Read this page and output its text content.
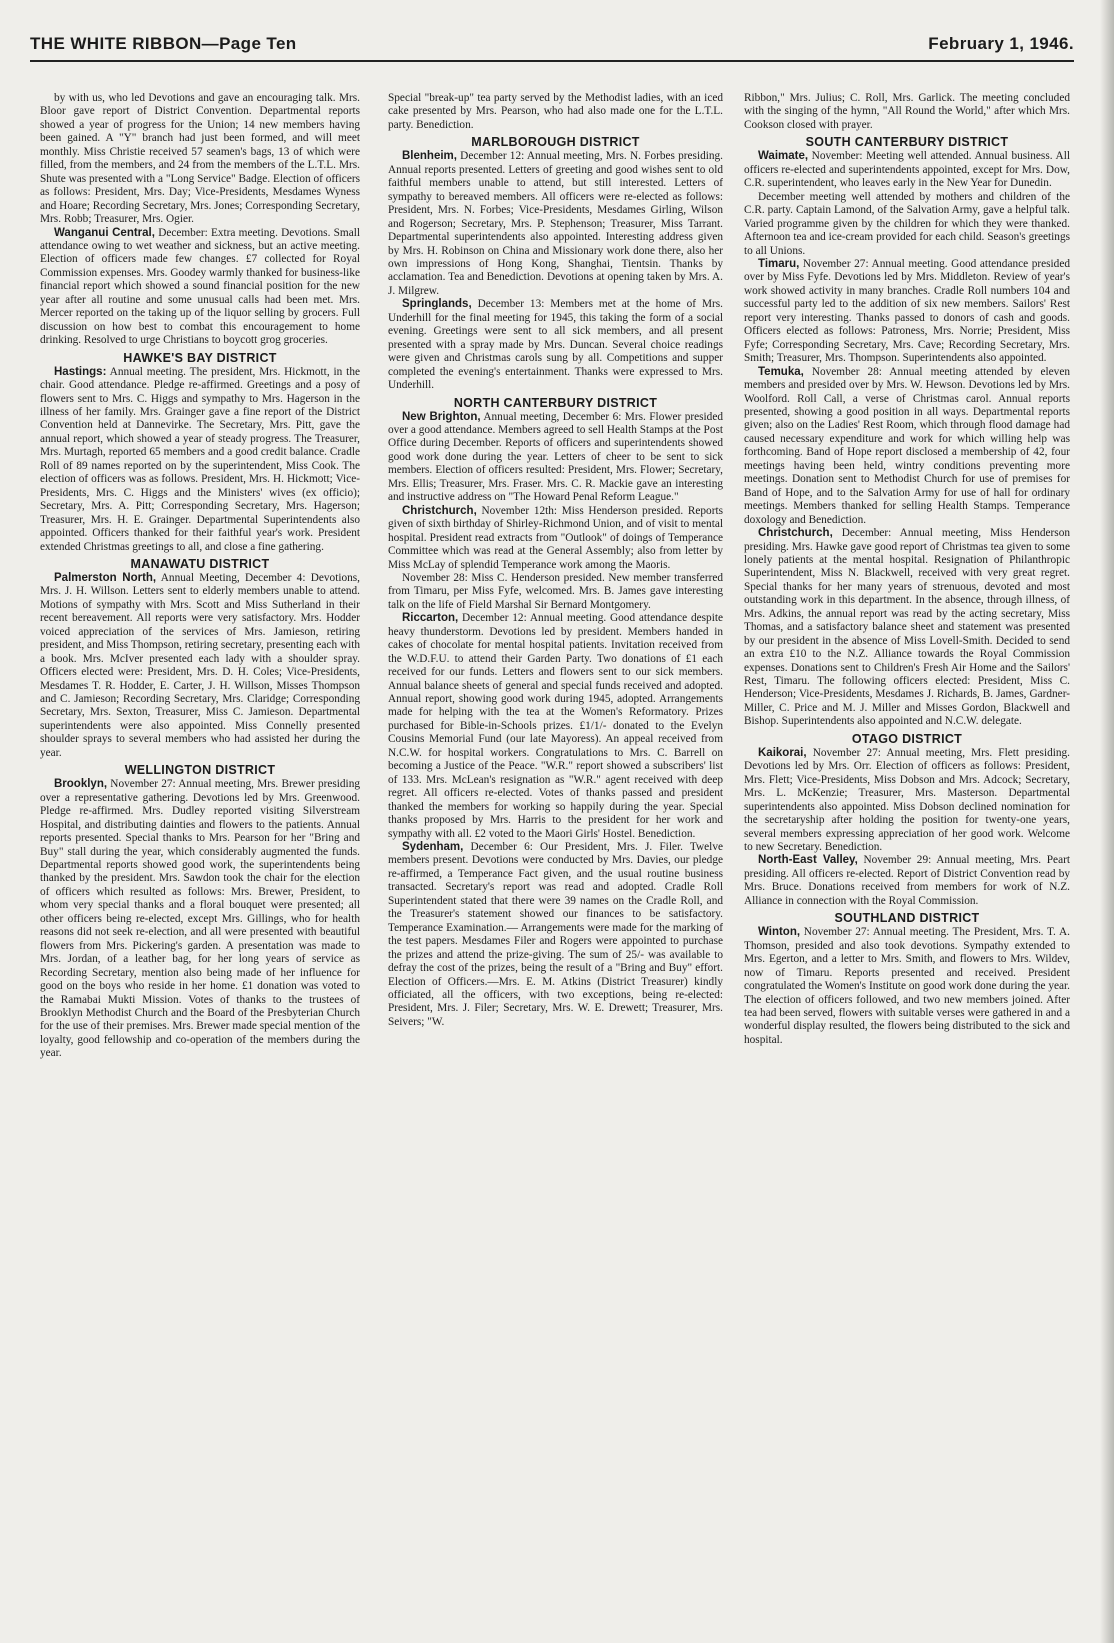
THE WHITE RIBBON—Page Ten	February 1, 1946.

by with us, who led Devotions and gave an encouraging talk. Mrs. Bloor gave report of District Convention. Departmental reports showed a year of progress for the Union; 14 new members having been gained. A "Y" branch had just been formed, and will meet monthly. Miss Christie received 57 seamen's bags, 13 of which were filled, from the members, and 24 from the members of the L.T.L. Mrs. Shute was presented with a "Long Service" Badge. Election of officers as follows: President, Mrs. Day; Vice-Presidents, Mesdames Wyness and Hoare; Recording Secretary, Mrs. Jones; Corresponding Secretary, Mrs. Robb; Treasurer, Mrs. Ogier.

Wanganui Central, December: Extra meeting. Devotions. Small attendance owing to wet weather and sickness, but an active meeting. Election of officers made few changes. £7 collected for Royal Commission expenses. Mrs. Goodey warmly thanked for business-like financial report which showed a sound financial position for the new year after all routine and some unusual calls had been met. Mrs. Mercer reported on the taking up of the liquor selling by grocers. Full discussion on how best to combat this encouragement to home drinking. Resolved to urge Christians to boycott grog groceries.

HAWKE'S BAY DISTRICT

Hastings: Annual meeting. The president, Mrs. Hickmott, in the chair. Good attendance. Pledge re-affirmed. Greetings and a posy of flowers sent to Mrs. C. Higgs and sympathy to Mrs. Hagerson in the illness of her family. Mrs. Grainger gave a fine report of the District Convention held at Dannevirke. The Secretary, Mrs. Pitt, gave the annual report, which showed a year of steady progress. The Treasurer, Mrs. Murtagh, reported 65 members and a good credit balance. Cradle Roll of 89 names reported on by the superintendent, Miss Cook. The election of officers was as follows. President, Mrs. H. Hickmott; Vice-Presidents, Mrs. C. Higgs and the Ministers' wives (ex officio); Secretary, Mrs. A. Pitt; Corresponding Secretary, Mrs. Hagerson; Treasurer, Mrs. H. E. Grainger. Departmental Superintendents also appointed. Officers thanked for their faithful year's work. President extended Christmas greetings to all, and close a fine gathering.

MANAWATU DISTRICT

Palmerston North, Annual Meeting, December 4: Devotions, Mrs. J. H. Willson. Letters sent to elderly members unable to attend. Motions of sympathy with Mrs. Scott and Miss Sutherland in their recent bereavement. All reports were very satisfactory. Mrs. Hodder voiced appreciation of the services of Mrs. Jamieson, retiring president, and Miss Thompson, retiring secretary, presenting each with a book. Mrs. McIver presented each lady with a shoulder spray. Officers elected were: President, Mrs. D. H. Coles; Vice-Presidents, Mesdames T. R. Hodder, E. Carter, J. H. Willson, Misses Thompson and C. Jamieson; Recording Secretary, Mrs. Claridge; Corresponding Secretary, Mrs. Sexton, Treasurer, Miss C. Jamieson. Departmental superintendents were also appointed. Miss Connelly presented shoulder sprays to several members who had assisted her during the year.

WELLINGTON DISTRICT

Brooklyn, November 27: Annual meeting, Mrs. Brewer presiding over a representative gathering. Devotions led by Mrs. Greenwood. Pledge re-affirmed. Mrs. Dudley reported visiting Silverstream Hospital, and distributing dainties and flowers to the patients. Annual reports presented. Special thanks to Mrs. Pearson for her "Bring and Buy" stall during the year, which considerably augmented the funds. Departmental reports showed good work, the superintendents being thanked by the president. Mrs. Sawdon took the chair for the election of officers which resulted as follows: Mrs. Brewer, President, to whom very special thanks and a floral bouquet were presented; all other officers being re-elected, except Mrs. Gillings, who for health reasons did not seek re-election, and all were presented with beautiful flowers from Mrs. Pickering's garden. A presentation was made to Mrs. Jordan, of a leather bag, for her long years of service as Recording Secretary, mention also being made of her influence for good on the boys who reside in her home. £1 donation was voted to the Ramabai Mukti Mission. Votes of thanks to the trustees of Brooklyn Methodist Church and the Board of the Presbyterian Church for the use of their premises. Mrs. Brewer made special mention of the loyalty, good fellowship and co-operation of the members during the year.

Special "break-up" tea party served by the Methodist ladies, with an iced cake presented by Mrs. Pearson, who had also made one for the L.T.L. party. Benediction.

MARLBOROUGH DISTRICT

Blenheim, December 12: Annual meeting, Mrs. N. Forbes presiding. Annual reports presented. Letters of greeting and good wishes sent to old faithful members unable to attend, but still interested. Letters of sympathy to bereaved members. All officers were re-elected as follows: President, Mrs. N. Forbes; Vice-Presidents, Mesdames Girling, Wilson and Rogerson; Secretary, Mrs. P. Stephenson; Treasurer, Miss Tarrant. Departmental superintendents also appointed. Interesting address given by Mrs. H. Robinson on China and Missionary work done there, also her own impressions of Hong Kong, Shanghai, Tientsin. Thanks by acclamation. Tea and Benediction. Devotions at opening taken by Mrs. A. J. Milgrew.

Springlands, December 13: Members met at the home of Mrs. Underhill for the final meeting for 1945, this taking the form of a social evening. Greetings were sent to all sick members, and all present presented with a spray made by Mrs. Duncan. Several choice readings were given and Christmas carols sung by all. Competitions and supper completed the evening's entertainment. Thanks were expressed to Mrs. Underhill.

NORTH CANTERBURY DISTRICT

New Brighton, Annual meeting, December 6: Mrs. Flower presided over a good attendance. Members agreed to sell Health Stamps at the Post Office during December. Reports of officers and superintendents showed good work done during the year. Letters of cheer to be sent to sick members. Election of officers resulted: President, Mrs. Flower; Secretary, Mrs. Ellis; Treasurer, Mrs. Fraser. Mrs. C. R. Mackie gave an interesting and instructive address on "The Howard Penal Reform League."

Christchurch, November 12th: Miss Henderson presided. Reports given of sixth birthday of Shirley-Richmond Union, and of visit to mental hospital. President read extracts from "Outlook" of doings of Temperance Committee which was read at the General Assembly; also from letter by Miss McLay of splendid Temperance work among the Maoris.

November 28: Miss C. Henderson presided. New member transferred from Timaru, per Miss Fyfe, welcomed. Mrs. B. James gave interesting talk on the life of Field Marshal Sir Bernard Montgomery.

Riccarton, December 12: Annual meeting. Good attendance despite heavy thunderstorm. Devotions led by president. Members handed in cakes of chocolate for mental hospital patients. Invitation received from the W.D.F.U. to attend their Garden Party. Two donations of £1 each received for our funds. Letters and flowers sent to our sick members. Annual balance sheets of general and special funds received and adopted. Annual report, showing good work during 1945, adopted. Arrangements made for helping with the tea at the Women's Reformatory. Prizes purchased for Bible-in-Schools prizes. £1/1/- donated to the Evelyn Cousins Memorial Fund (our late Mayoress). An appeal received from N.C.W. for hospital workers. Congratulations to Mrs. C. Barrell on becoming a Justice of the Peace. "W.R." report showed a subscribers' list of 133. Mrs. McLean's resignation as "W.R." agent received with deep regret. All officers re-elected. Votes of thanks passed and president thanked the members for working so happily during the year. Special thanks proposed by Mrs. Harris to the president for her work and sympathy with all. £2 voted to the Maori Girls' Hostel. Benediction.

Sydenham, December 6: Our President, Mrs. J. Filer. Twelve members present. Devotions were conducted by Mrs. Davies, our pledge re-affirmed, a Temperance Fact given, and the usual routine business transacted. Secretary's report was read and adopted. Cradle Roll Superintendent stated that there were 39 names on the Cradle Roll, and the Treasurer's statement showed our finances to be satisfactory. Temperance Examination.— Arrangements were made for the marking of the test papers. Mesdames Filer and Rogers were appointed to purchase the prizes and attend the prize-giving. The sum of 25/- was available to defray the cost of the prizes, being the result of a "Bring and Buy" effort. Election of Officers.—Mrs. E. M. Atkins (District Treasurer) kindly officiated, all the officers, with two exceptions, being re-elected: President, Mrs. J. Filer; Secretary, Mrs. W. E. Drewett; Treasurer, Mrs. Seivers; "W.

Ribbon," Mrs. Julius; C. Roll, Mrs. Garlick. The meeting concluded with the singing of the hymn, "All Round the World," after which Mrs. Cookson closed with prayer.

SOUTH CANTERBURY DISTRICT

Waimate, November: Meeting well attended. Annual business. All officers re-elected and superintendents appointed, except for Mrs. Dow, C.R. superintendent, who leaves early in the New Year for Dunedin.

December meeting well attended by mothers and children of the C.R. party. Captain Lamond, of the Salvation Army, gave a helpful talk. Varied programme given by the children for which they were thanked. Afternoon tea and ice-cream provided for each child. Season's greetings to all Unions.

Timaru, November 27: Annual meeting. Good attendance presided over by Miss Fyfe. Devotions led by Mrs. Middleton. Review of year's work showed activity in many branches. Cradle Roll numbers 104 and successful party led to the addition of six new members. Sailors' Rest report very interesting. Thanks passed to donors of cash and goods. Officers elected as follows: Patroness, Mrs. Norrie; President, Miss Fyfe; Corresponding Secretary, Mrs. Cave; Recording Secretary, Mrs. Smith; Treasurer, Mrs. Thompson. Superintendents also appointed.

Temuka, November 28: Annual meeting attended by eleven members and presided over by Mrs. W. Hewson. Devotions led by Mrs. Woolford. Roll Call, a verse of Christmas carol. Annual reports presented, showing a good position in all ways. Departmental reports given; also on the Ladies' Rest Room, which through flood damage had caused necessary expenditure and work for which willing help was forthcoming. Band of Hope report disclosed a membership of 42, four meetings having been held, wintry conditions preventing more meetings. Donation sent to Methodist Church for use of premises for Band of Hope, and to the Salvation Army for use of hall for ordinary meetings. Members thanked for selling Health Stamps. Temperance doxology and Benediction.

Christchurch, December: Annual meeting, Miss Henderson presiding. Mrs. Hawke gave good report of Christmas tea given to some lonely patients at the mental hospital. Resignation of Philanthropic Superintendent, Miss N. Blackwell, received with very great regret. Special thanks for her many years of strenuous, devoted and most outstanding work in this department. In the absence, through illness, of Mrs. Adkins, the annual report was read by the acting secretary, Miss Thomas, and a satisfactory balance sheet and statement was presented by our president in the absence of Miss Lovell-Smith. Decided to send an extra £10 to the N.Z. Alliance towards the Royal Commission expenses. Donations sent to Children's Fresh Air Home and the Sailors' Rest, Timaru. The following officers elected: President, Miss C. Henderson; Vice-Presidents, Mesdames J. Richards, B. James, Gardner-Miller, C. Price and M. J. Miller and Misses Gordon, Blackwell and Bishop. Superintendents also appointed and N.C.W. delegate.

OTAGO DISTRICT

Kaikorai, November 27: Annual meeting, Mrs. Flett presiding. Devotions led by Mrs. Orr. Election of officers as follows: President, Mrs. Flett; Vice-Presidents, Miss Dobson and Mrs. Adcock; Secretary, Mrs. L. McKenzie; Treasurer, Mrs. Masterson. Departmental superintendents also appointed. Miss Dobson declined nomination for the secretaryship after holding the position for twenty-one years, several members expressing appreciation of her good work. Welcome to new Secretary. Benediction.

North-East Valley, November 29: Annual meeting, Mrs. Peart presiding. All officers re-elected. Report of District Convention read by Mrs. Bruce. Donations received from members for work of N.Z. Alliance in connection with the Royal Commission.

SOUTHLAND DISTRICT

Winton, November 27: Annual meeting. The President, Mrs. T. A. Thomson, presided and also took devotions. Sympathy extended to Mrs. Egerton, and a letter to Mrs. Smith, and flowers to Mrs. Wildev, now of Timaru. Reports presented and received. President congratulated the Women's Institute on good work done during the year. The election of officers followed, and two new members joined. After tea had been served, flowers with suitable verses were gathered in and a wonderful display resulted, the flowers being distributed to the sick and hospital.
